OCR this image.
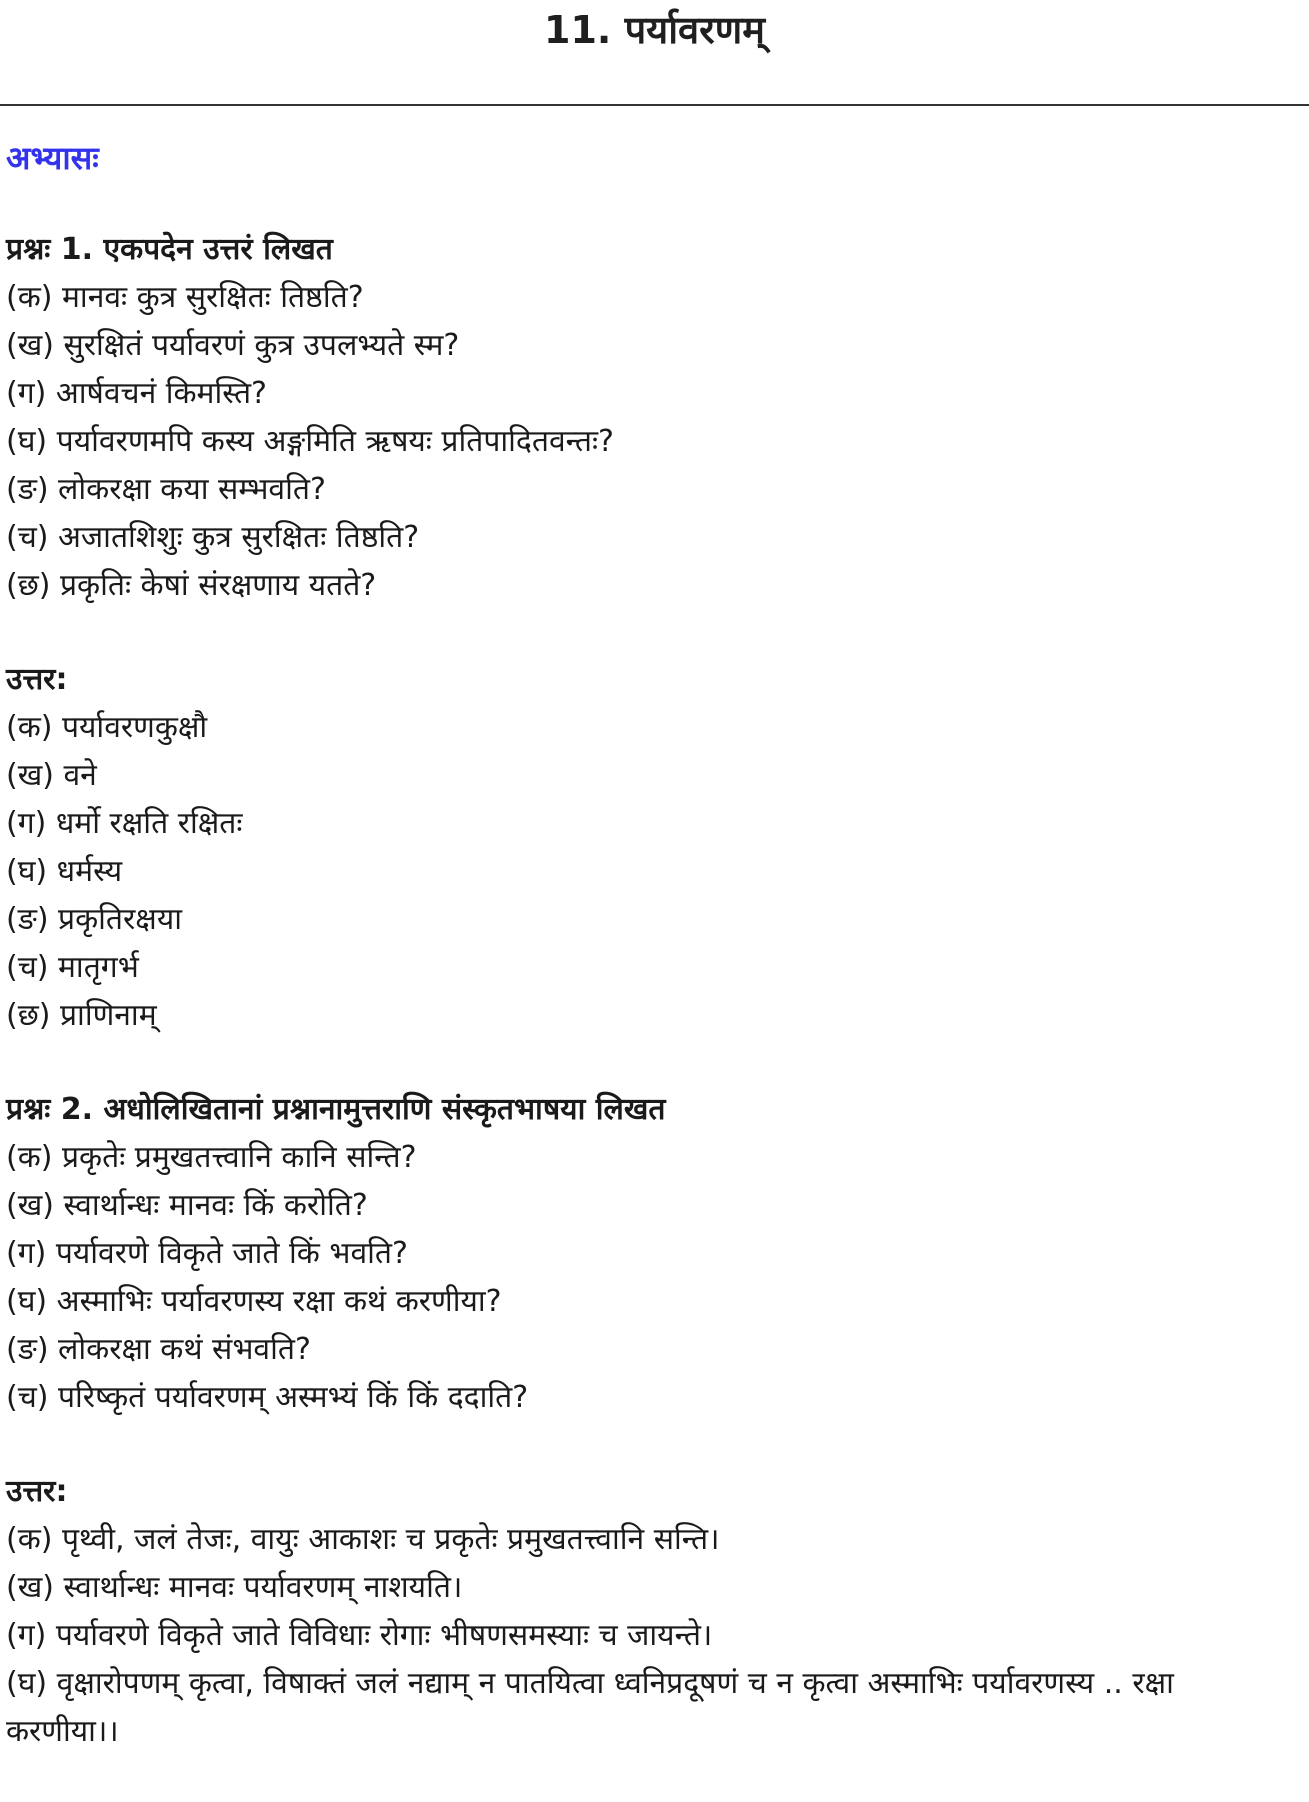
11. पर्यावरणम्
अभ्यासः
प्रश्नः 1. एकपदेन उत्तरं लिखत
(क) मानवः कुत्र सुरक्षितः तिष्ठति?
(ख) सुरक्षितं पर्यावरणं कुत्र उपलभ्यते स्म?
(ग) आर्षवचनं किमस्ति?
(घ) पर्यावरणमपि कस्य अङ्गमिति ऋषयः प्रतिपादितवन्तः?
(ङ) लोकरक्षा कया सम्भवति?
(च) अजातशिशुः कुत्र सुरक्षितः तिष्ठति?
(छ) प्रकृतिः केषां संरक्षणाय यतते?
उत्तर:
(क) पर्यावरणकुक्षौ
(ख) वने
(ग) धर्मो रक्षति रक्षितः
(घ) धर्मस्य
(ङ) प्रकृतिरक्षया
(च) मातृगर्भ
(छ) प्राणिनाम्
प्रश्नः 2. अधोलिखितानां प्रश्नानामुत्तराणि संस्कृतभाषया लिखत
(क) प्रकृतेः प्रमुखतत्त्वानि कानि सन्ति?
(ख) स्वार्थान्धः मानवः किं करोति?
(ग) पर्यावरणे विकृते जाते किं भवति?
(घ) अस्माभिः पर्यावरणस्य रक्षा कथं करणीया?
(ङ) लोकरक्षा कथं संभवति?
(च) परिष्कृतं पर्यावरणम् अस्मभ्यं किं किं ददाति?
उत्तर:
(क) पृथ्वी, जलं तेजः, वायुः आकाशः च प्रकृतेः प्रमुखतत्त्वानि सन्ति।
(ख) स्वार्थान्धः मानवः पर्यावरणम् नाशयति।
(ग) पर्यावरणे विकृते जाते विविधाः रोगाः भीषणसमस्याः च जायन्ते।
(घ) वृक्षारोपणम् कृत्वा, विषाक्तं जलं नद्याम् न पातयित्वा ध्वनिप्रदूषणं च न कृत्वा अस्माभिः पर्यावरणस्य .. रक्षा करणीया।।
